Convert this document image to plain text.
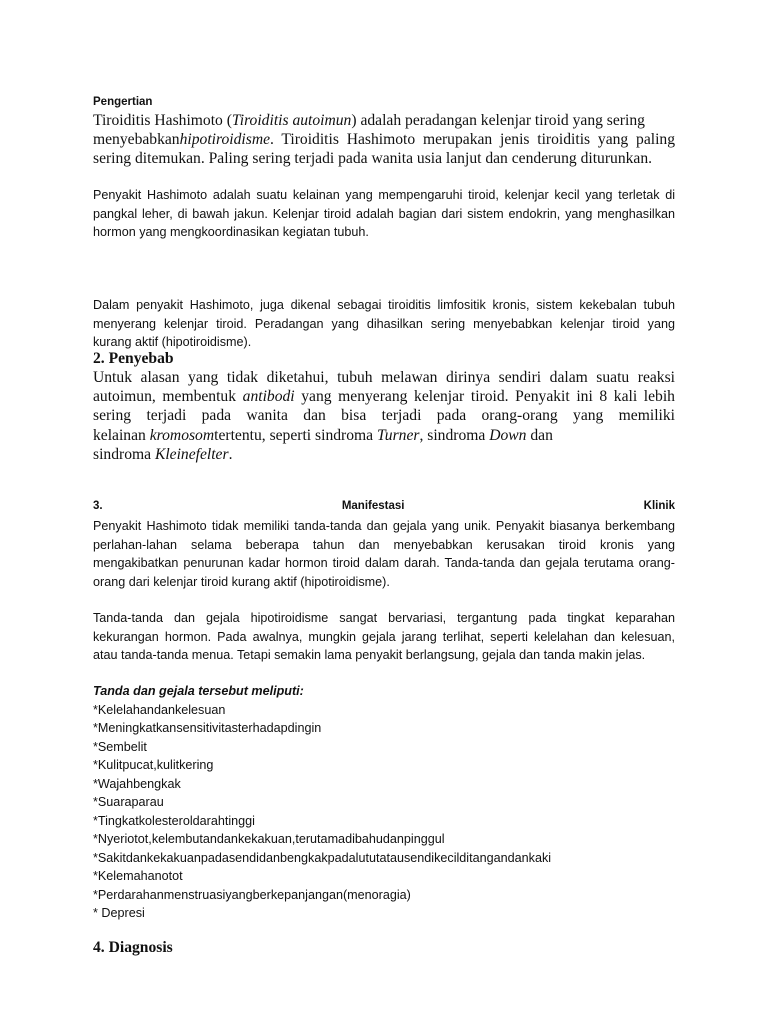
Pengertian
Tiroiditis Hashimoto (Tiroiditis autoimun) adalah peradangan kelenjar tiroid yang sering
menyebabkanhipotiroidisme. Tiroiditis Hashimoto merupakan jenis tiroiditis yang paling
sering ditemukan. Paling sering terjadi pada wanita usia lanjut dan cenderung diturunkan.
Penyakit Hashimoto adalah suatu kelainan yang mempengaruhi tiroid, kelenjar kecil yang terletak di
pangkal leher, di bawah jakun. Kelenjar tiroid adalah bagian dari sistem endokrin, yang menghasilkan
hormon yang mengkoordinasikan kegiatan tubuh.
Dalam penyakit Hashimoto, juga dikenal sebagai tiroiditis limfositik kronis, sistem kekebalan tubuh
menyerang kelenjar tiroid. Peradangan yang dihasilkan sering menyebabkan kelenjar tiroid yang
kurang aktif (hipotiroidisme).
2. Penyebab
Untuk alasan yang tidak diketahui, tubuh melawan dirinya sendiri dalam suatu reaksi
autoimun, membentuk antibodi yang menyerang kelenjar tiroid. Penyakit ini 8 kali lebih
sering terjadi pada wanita dan bisa terjadi pada orang-orang yang memiliki
kelainan kromosomtertentu, seperti sindroma Turner, sindroma Down dan
sindroma Kleinefelter.
3.	Manifestasi	Klinik
Penyakit Hashimoto tidak memiliki tanda-tanda dan gejala yang unik. Penyakit biasanya berkembang
perlahan-lahan selama beberapa tahun dan menyebabkan kerusakan tiroid kronis yang
mengakibatkan penurunan kadar hormon tiroid dalam darah. Tanda-tanda dan gejala terutama orang-
orang dari kelenjar tiroid kurang aktif (hipotiroidisme).
Tanda-tanda dan gejala hipotiroidisme sangat bervariasi, tergantung pada tingkat keparahan
kekurangan hormon. Pada awalnya, mungkin gejala jarang terlihat, seperti kelelahan dan kelesuan,
atau tanda-tanda menua. Tetapi semakin lama penyakit berlangsung, gejala dan tanda makin jelas.
Tanda dan gejala tersebut meliputi:
*Kelelahandankelesuan
*Meningkatkansensitivitasterhadapdingin
*Sembelit
*Kulitpucat,kulitkering
*Wajahbengkak
*Suaraparau
*Tingkatkolesteroldarahtinggi
*Nyeriotot,kelembutandankekakuan,terutamadibahudanpinggul
*Sakitdankekakuanpadasendidanbengkakpadalututatausendikecilditangandankaki
*Kelemahanotot
*Perdarahanmenstruasiyangberkepanjangan(menoragia)
* Depresi
4. Diagnosis
